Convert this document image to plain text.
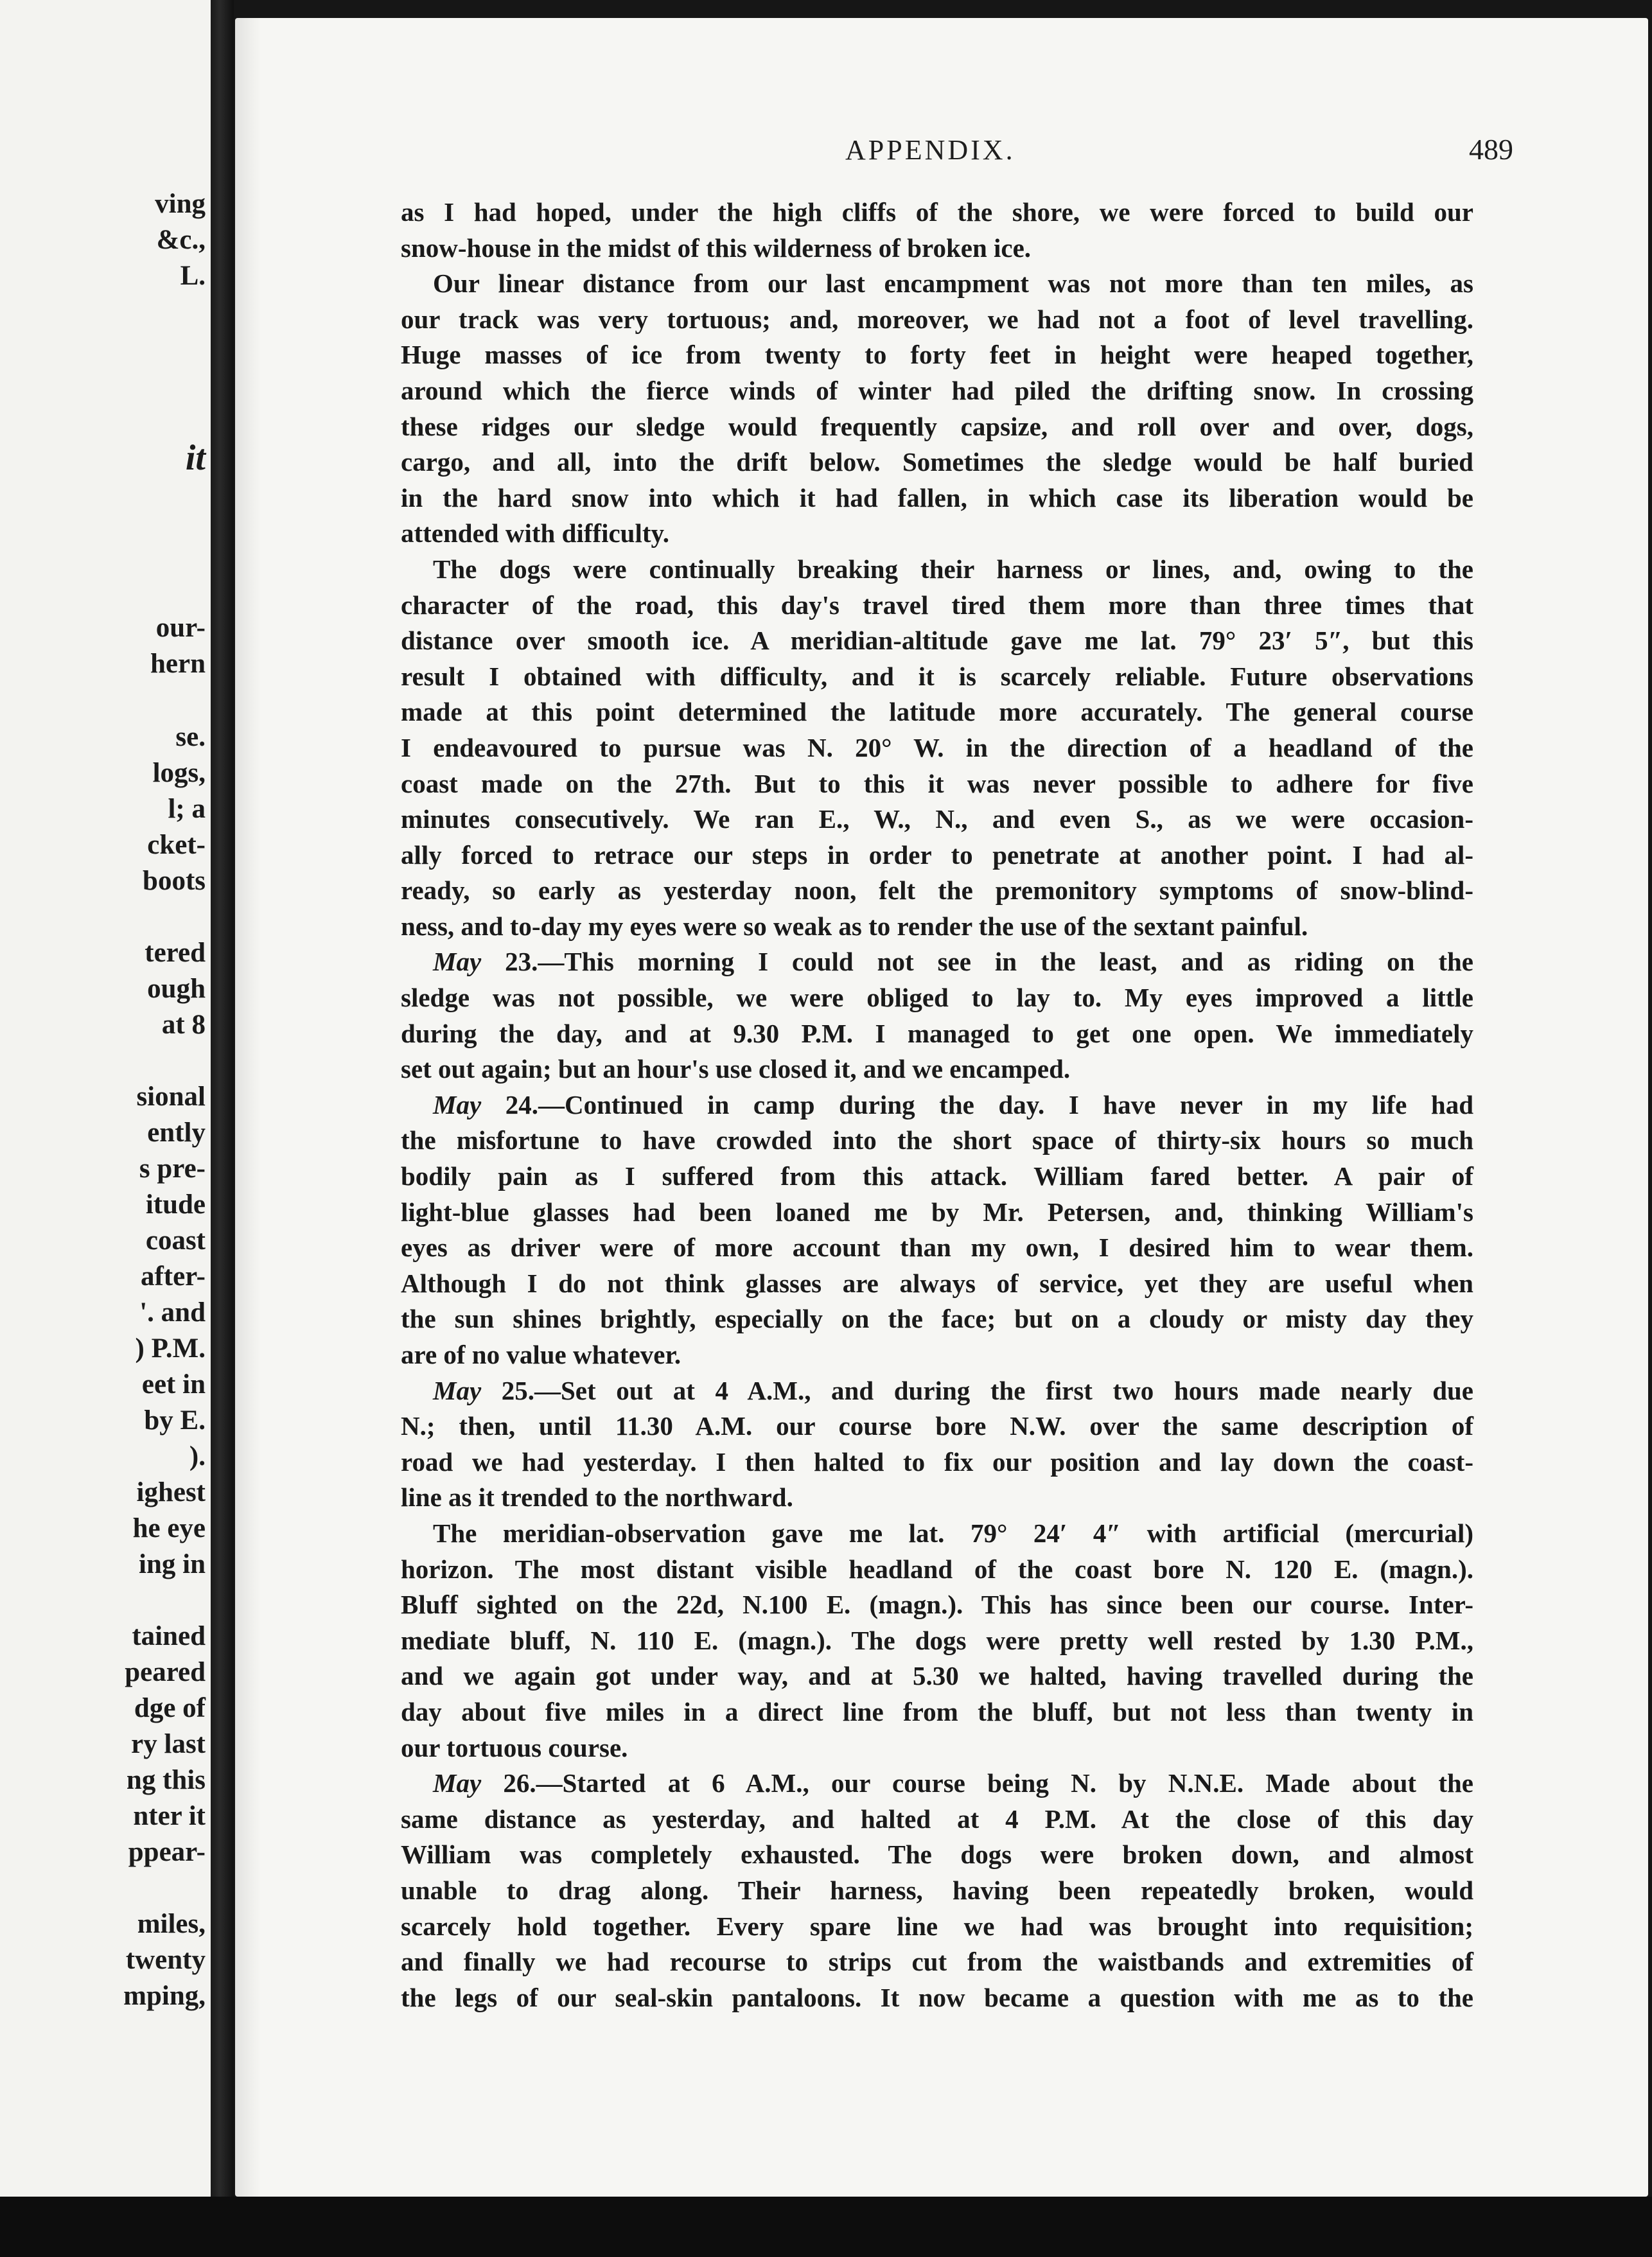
ving
&c.,
L.
it
our-
hern
se.
logs,
l; a
cket-
boots
tered
ough
at 8
sional
ently
s pre-
itude
coast
after-
'. and
) P.M.
eet in
by E.
).
ighest
he eye
ing in
tained
peared
dge of
ry last
ng this
nter it
ppear-
miles,
twenty
mping,
APPENDIX.	489
as I had hoped, under the high cliffs of the shore, we were forced to build our
snow-house in the midst of this wilderness of broken ice.
Our linear distance from our last encampment was not more than ten miles, as
our track was very tortuous; and, moreover, we had not a foot of level travelling.
Huge masses of ice from twenty to forty feet in height were heaped together,
around which the fierce winds of winter had piled the drifting snow. In crossing
these ridges our sledge would frequently capsize, and roll over and over, dogs,
cargo, and all, into the drift below. Sometimes the sledge would be half buried
in the hard snow into which it had fallen, in which case its liberation would be
attended with difficulty.
The dogs were continually breaking their harness or lines, and, owing to the
character of the road, this day's travel tired them more than three times that
distance over smooth ice. A meridian-altitude gave me lat. 79° 23′ 5″, but this
result I obtained with difficulty, and it is scarcely reliable. Future observations
made at this point determined the latitude more accurately. The general course
I endeavoured to pursue was N. 20° W. in the direction of a headland of the
coast made on the 27th. But to this it was never possible to adhere for five
minutes consecutively. We ran E., W., N., and even S., as we were occasion-
ally forced to retrace our steps in order to penetrate at another point. I had al-
ready, so early as yesterday noon, felt the premonitory symptoms of snow-blind-
ness, and to-day my eyes were so weak as to render the use of the sextant painful.
May 23.—This morning I could not see in the least, and as riding on the
sledge was not possible, we were obliged to lay to. My eyes improved a little
during the day, and at 9.30 P.M. I managed to get one open. We immediately
set out again; but an hour's use closed it, and we encamped.
May 24.—Continued in camp during the day. I have never in my life had
the misfortune to have crowded into the short space of thirty-six hours so much
bodily pain as I suffered from this attack. William fared better. A pair of
light-blue glasses had been loaned me by Mr. Petersen, and, thinking William's
eyes as driver were of more account than my own, I desired him to wear them.
Although I do not think glasses are always of service, yet they are useful when
the sun shines brightly, especially on the face; but on a cloudy or misty day they
are of no value whatever.
May 25.—Set out at 4 A.M., and during the first two hours made nearly due
N.; then, until 11.30 A.M. our course bore N.W. over the same description of
road we had yesterday. I then halted to fix our position and lay down the coast-
line as it trended to the northward.
The meridian-observation gave me lat. 79° 24′ 4″ with artificial (mercurial)
horizon. The most distant visible headland of the coast bore N. 120 E. (magn.).
Bluff sighted on the 22d, N.100 E. (magn.). This has since been our course. Inter-
mediate bluff, N. 110 E. (magn.). The dogs were pretty well rested by 1.30 P.M.,
and we again got under way, and at 5.30 we halted, having travelled during the
day about five miles in a direct line from the bluff, but not less than twenty in
our tortuous course.
May 26.—Started at 6 A.M., our course being N. by N.N.E. Made about the
same distance as yesterday, and halted at 4 P.M. At the close of this day
William was completely exhausted. The dogs were broken down, and almost
unable to drag along. Their harness, having been repeatedly broken, would
scarcely hold together. Every spare line we had was brought into requisition;
and finally we had recourse to strips cut from the waistbands and extremities of
the legs of our seal-skin pantaloons. It now became a question with me as to the
